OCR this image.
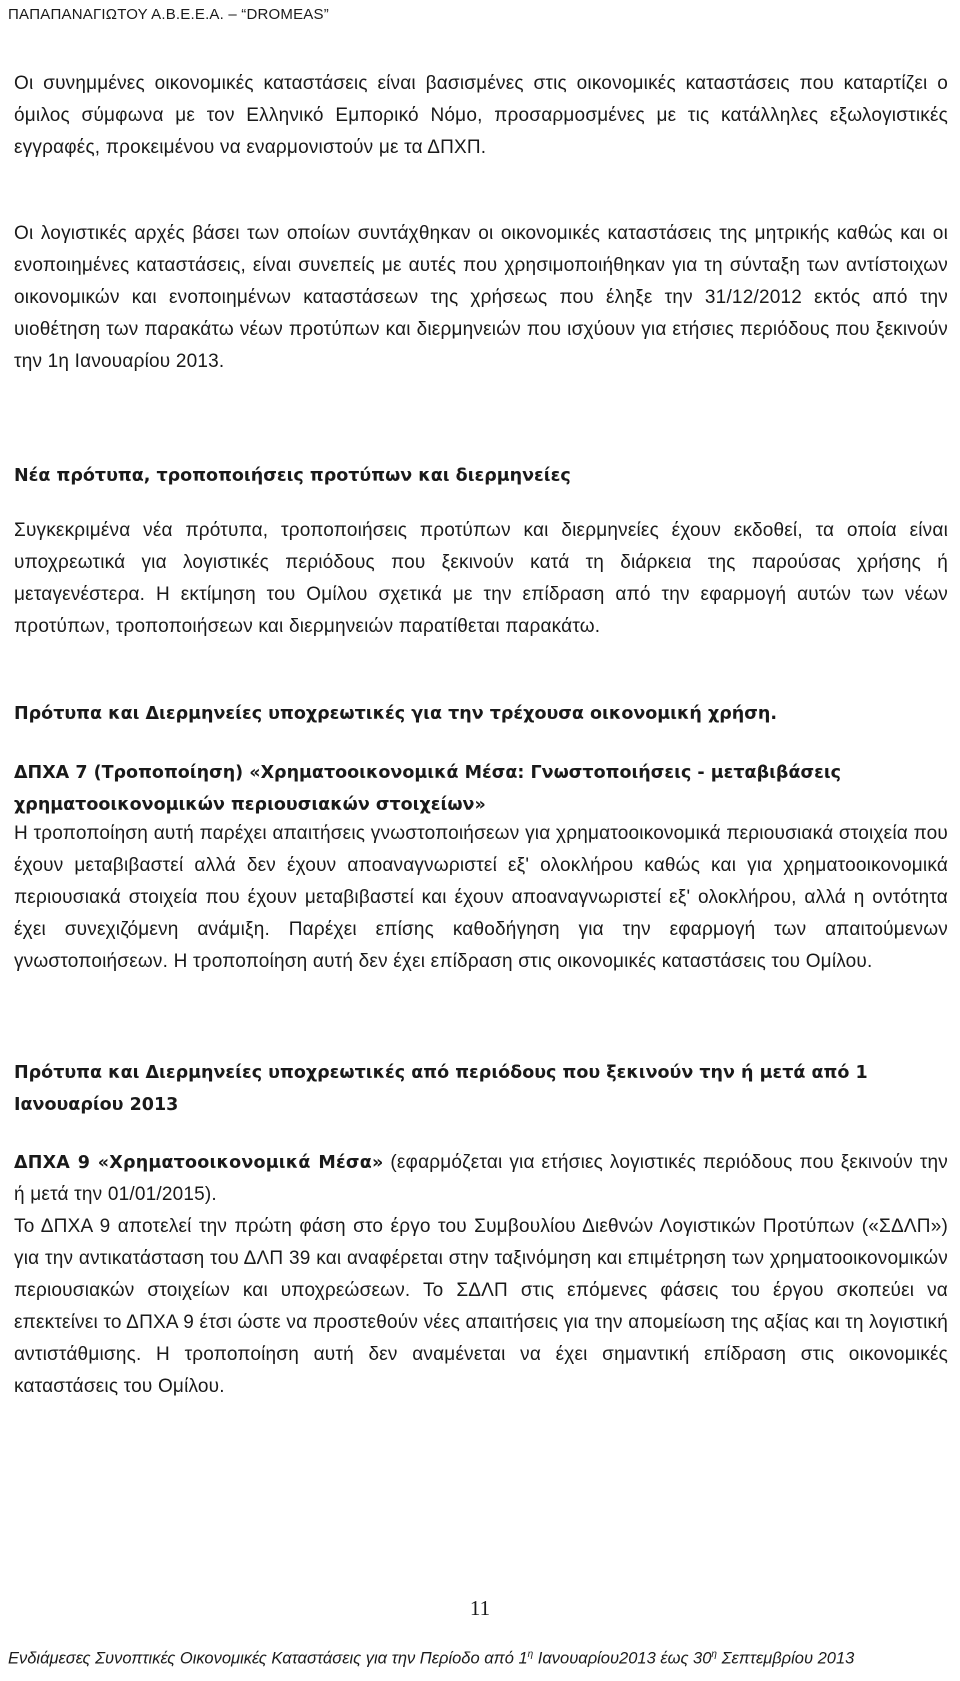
ΠΑΠΑΠΑΝΑΓΙΩΤΟΥ Α.Β.Ε.Ε.Α. – “DROMEAS”
Οι συνημμένες οικονομικές καταστάσεις είναι βασισμένες στις οικονομικές καταστάσεις που καταρτίζει ο όμιλος σύμφωνα με τον Ελληνικό Εμπορικό Νόμο, προσαρμοσμένες με τις κατάλληλες εξωλογιστικές εγγραφές, προκειμένου να εναρμονιστούν με τα ΔΠΧΠ.
Οι λογιστικές αρχές βάσει των οποίων συντάχθηκαν οι οικονομικές καταστάσεις της μητρικής καθώς και οι ενοποιημένες καταστάσεις, είναι συνεπείς με αυτές που χρησιμοποιήθηκαν για τη σύνταξη των αντίστοιχων οικονομικών και ενοποιημένων καταστάσεων της χρήσεως που έληξε την 31/12/2012 εκτός από την υιοθέτηση των παρακάτω νέων προτύπων και διερμηνειών που ισχύουν για ετήσιες περιόδους που ξεκινούν την 1η Ιανουαρίου 2013.
Νέα πρότυπα, τροποποιήσεις προτύπων και διερμηνείες
Συγκεκριμένα νέα πρότυπα, τροποποιήσεις προτύπων και διερμηνείες έχουν εκδοθεί, τα οποία είναι υποχρεωτικά για λογιστικές περιόδους που ξεκινούν κατά τη διάρκεια της παρούσας χρήσης ή μεταγενέστερα. Η εκτίμηση του Ομίλου σχετικά με την επίδραση από την εφαρμογή αυτών των νέων προτύπων, τροποποιήσεων και διερμηνειών παρατίθεται παρακάτω.
Πρότυπα και Διερμηνείες υποχρεωτικές για την τρέχουσα οικονομική χρήση.
ΔΠΧΑ 7 (Τροποποίηση) «Χρηματοοικονομικά Μέσα: Γνωστοποιήσεις - μεταβιβάσεις χρηματοοικονομικών περιουσιακών στοιχείων»
Η τροποποίηση αυτή παρέχει απαιτήσεις γνωστοποιήσεων για χρηματοοικονομικά περιουσιακά στοιχεία που έχουν μεταβιβαστεί αλλά δεν έχουν αποαναγνωριστεί εξ' ολοκλήρου καθώς και για χρηματοοικονομικά περιουσιακά στοιχεία που έχουν μεταβιβαστεί και έχουν αποαναγνωριστεί εξ' ολοκλήρου, αλλά η οντότητα έχει συνεχιζόμενη ανάμιξη. Παρέχει επίσης καθοδήγηση για την εφαρμογή των απαιτούμενων γνωστοποιήσεων. Η τροποποίηση αυτή δεν έχει επίδραση στις οικονομικές καταστάσεις του Ομίλου.
Πρότυπα και Διερμηνείες υποχρεωτικές από περιόδους που ξεκινούν την ή μετά από 1 Ιανουαρίου 2013
ΔΠΧΑ 9 «Χρηματοοικονομικά Μέσα» (εφαρμόζεται για ετήσιες λογιστικές περιόδους που ξεκινούν την ή μετά την 01/01/2015).
Το ΔΠΧΑ 9 αποτελεί την πρώτη φάση στο έργο του Συμβουλίου Διεθνών Λογιστικών Προτύπων («ΣΔΛΠ») για την αντικατάσταση του ΔΛΠ 39 και αναφέρεται στην ταξινόμηση και επιμέτρηση των χρηματοοικονομικών περιουσιακών στοιχείων και υποχρεώσεων. Το ΣΔΛΠ στις επόμενες φάσεις του έργου σκοπεύει να επεκτείνει το ΔΠΧΑ 9 έτσι ώστε να προστεθούν νέες απαιτήσεις για την απομείωση της αξίας και τη λογιστική αντιστάθμισης. Η τροποποίηση αυτή δεν αναμένεται να έχει σημαντική επίδραση στις οικονομικές καταστάσεις του Ομίλου.
11
Ενδιάμεσες Συνοπτικές Οικονομικές Καταστάσεις για την Περίοδο από $1^\eta$ Ιανουαρίου2013 έως $30^\eta$ Σεπτεμβρίου 2013
